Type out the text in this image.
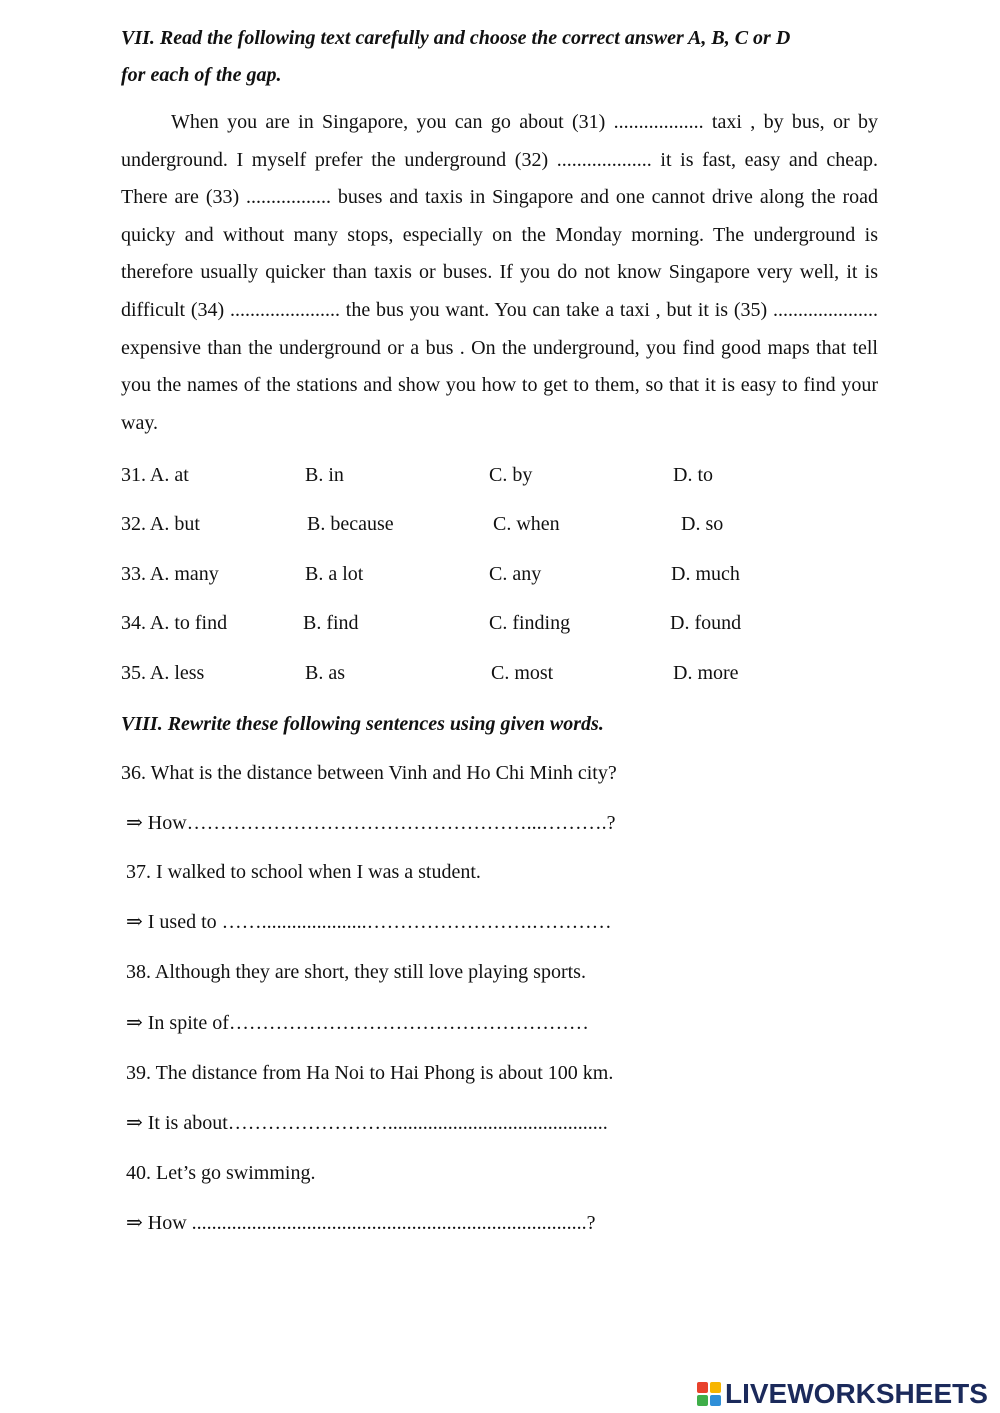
VII. Read the following text carefully and choose the correct answer A, B, C or D
for each of the gap.

When you are in Singapore, you can go about (31) .................. taxi , by bus, or by underground. I myself prefer the underground (32) ................... it is fast, easy and cheap. There are (33) ................. buses and taxis in Singapore and one cannot drive along the road quicky and without many stops, especially on the Monday morning. The underground is therefore usually quicker than taxis or buses. If you do not know Singapore very well, it is difficult (34) ...................... the bus you want. You can take a taxi , but it is (35) ..................... expensive than the underground or a bus . On the underground, you find good maps that tell you the names of the stations and show you how to get to them, so that it is easy to find your way.

31. A. at	B. in	C. by	D. to
32. A. but	B. because	C. when	D. so
33. A. many	B. a lot	C. any	D. much
34. A. to find	B. find	C. finding	D. found
35. A. less	B. as	C. most	D. more
VIII. Rewrite these following sentences using given words.
36. What is the distance between Vinh and Ho Chi Minh city?
⇒ How……………………………………………...……….?
37. I walked to school when I was a student.
⇒ I used to …….....................…………………….…………
38. Although they are short, they still love playing sports.
⇒ In spite of………………………………………………
39. The distance from Ha Noi to Hai Phong is about 100 km.
⇒ It is about……………………............................................
40. Let’s go swimming.
⇒ How ...............................................................................?
LIVEWORKSHEETS
